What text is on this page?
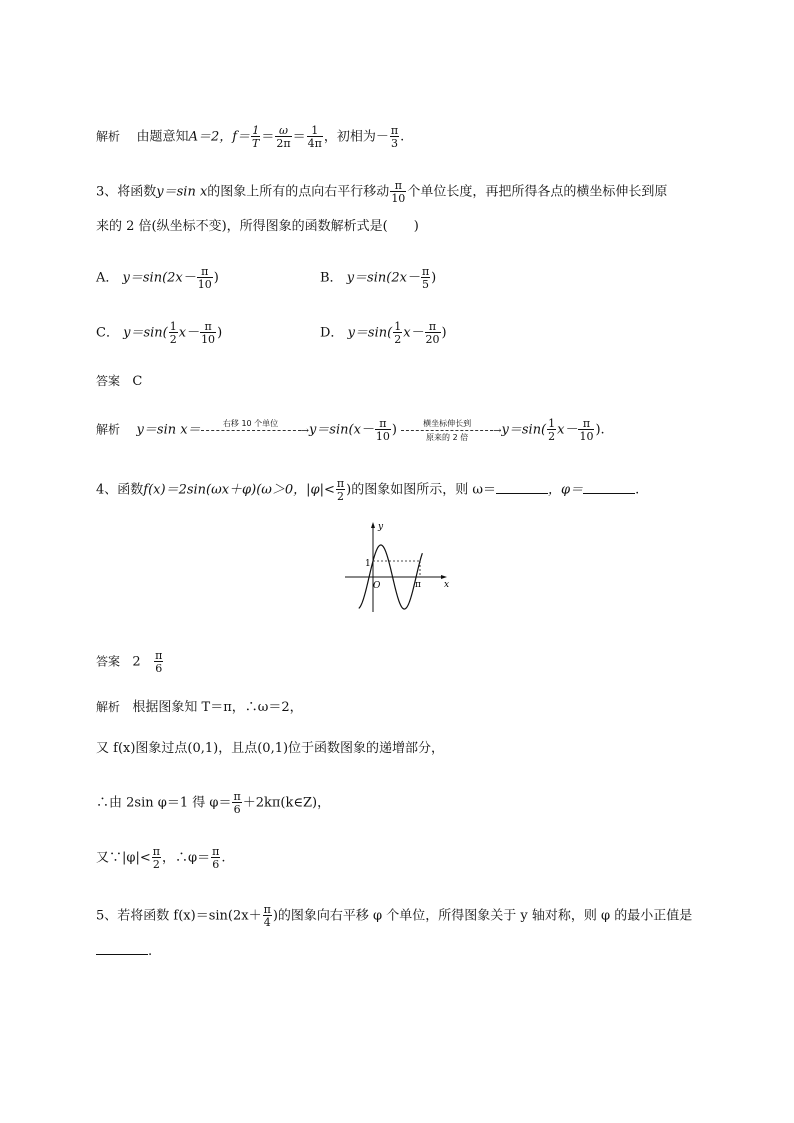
解析 由题意知A＝2，$f= \frac{1}{T} = \frac{\omega}{2\pi} = \frac{1}{4\pi}$ ，初相为－ $\frac{\pi}{3}$ .
3、将函数y＝sin x的图象上所有的点向右平行移动 $\frac{\pi}{10}$ 个单位长度，再把所得各点的横坐标伸长到原
来的 2 倍(纵坐标不变)，所得图象的函数解析式是( )
A． $y=\sin(2x- \frac{\pi}{10}$ )	B． $y=\sin(2x- \frac{\pi}{5}$ )
C． $y=\sin( \frac{1}{2} x- \frac{\pi}{10}$ )	D． $y=\sin( \frac{1}{2} x- \frac{\pi}{20}$ )
答案 C
解析 y＝sin x＝	右移 10 个单位

$\to y=\sin(x- \frac{\pi}{10}$ )	横坐标伸长到
原来的 2 倍
$\to y=\sin( \frac{1}{2} x- \frac{\pi}{10}$ ).
4、函数f(x)＝2sin(ωx＋φ)(ω＞0，$|\varphi|< \frac{\pi}{2}$ )的图象如图所示，则 ω＝	，φ＝	.
y
x
O
1
π
答案 $2 \frac{\pi}{6}$
解析 根据图象知 T＝π，∴ω＝2，
又 f(x)图象过点(0,1)，且点(0,1)位于函数图象的递增部分，
∴由 2sin φ＝1 得 $\varphi= \frac{\pi}{6}$ ＋2kπ(k∈Z)，
又∵|φ|< $\frac{\pi}{2}$ ，∴φ＝ $\frac{\pi}{6}$ .
5、若将函数 $f(x)=\sin(2x+ \frac{\pi}{4}$ )的图象向右平移 φ 个单位，所得图象关于 y 轴对称，则 φ 的最小正值是
.
